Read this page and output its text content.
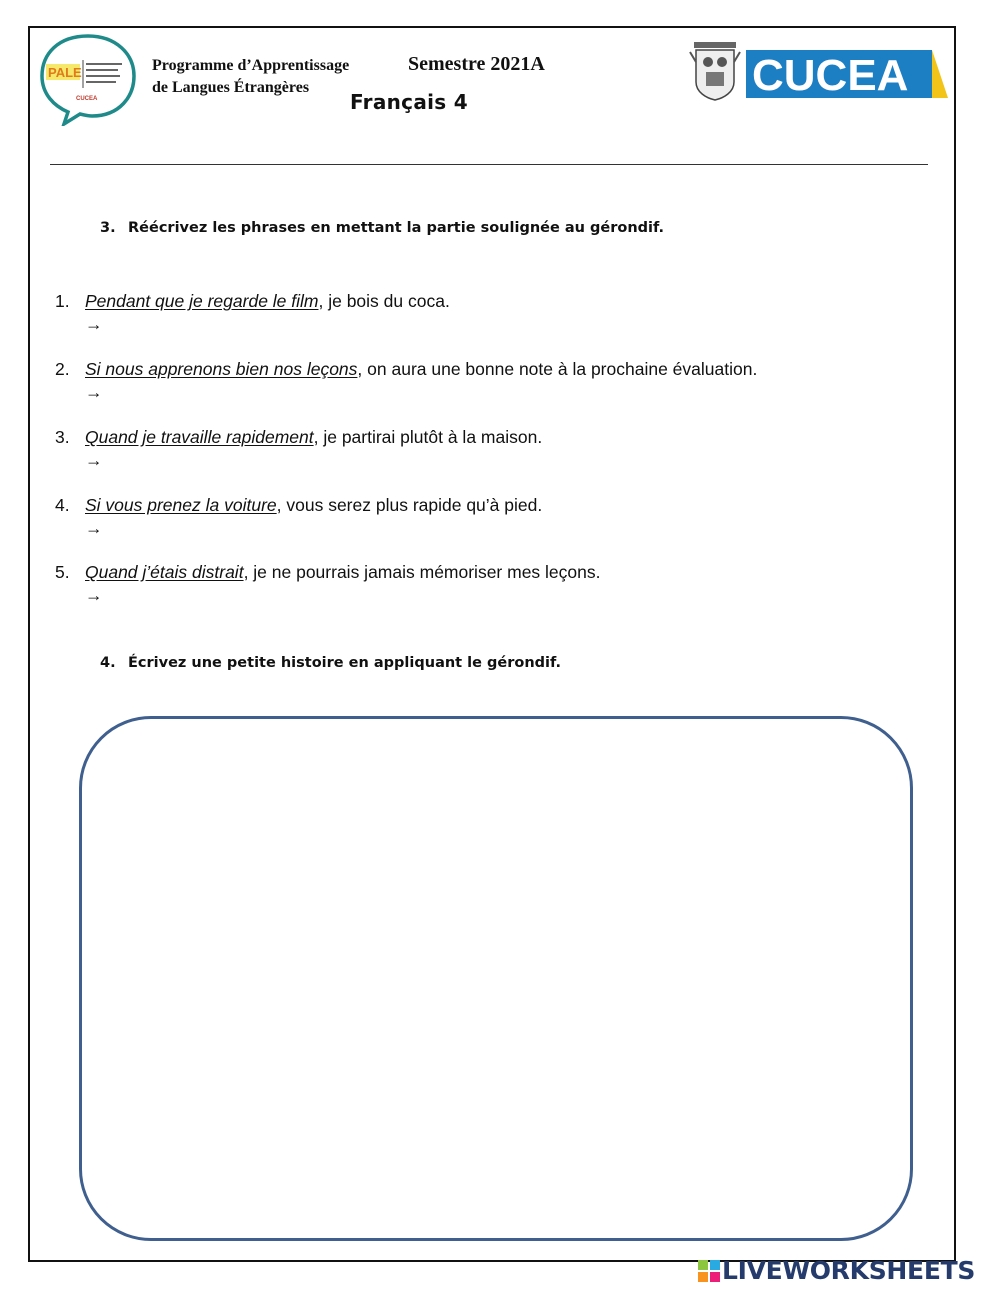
PALE
CUCEA
Programme d’Apprentissage
de Langues Étrangères
Semestre 2021A
Français 4
CUCEA
3. Réécrivez les phrases en mettant la partie soulignée au gérondif.
1. Pendant que je regarde le film, je bois du coca.
→
2. Si nous apprenons bien nos leçons, on aura une bonne note à la prochaine évaluation.
→
3. Quand je travaille rapidement, je partirai plutôt à la maison.
→
4. Si vous prenez la voiture, vous serez plus rapide qu’à pied.
→
5. Quand j’étais distrait, je ne pourrais jamais mémoriser mes leçons.
→
4. Écrivez une petite histoire en appliquant le gérondif.
LIVEWORKSHEETS
